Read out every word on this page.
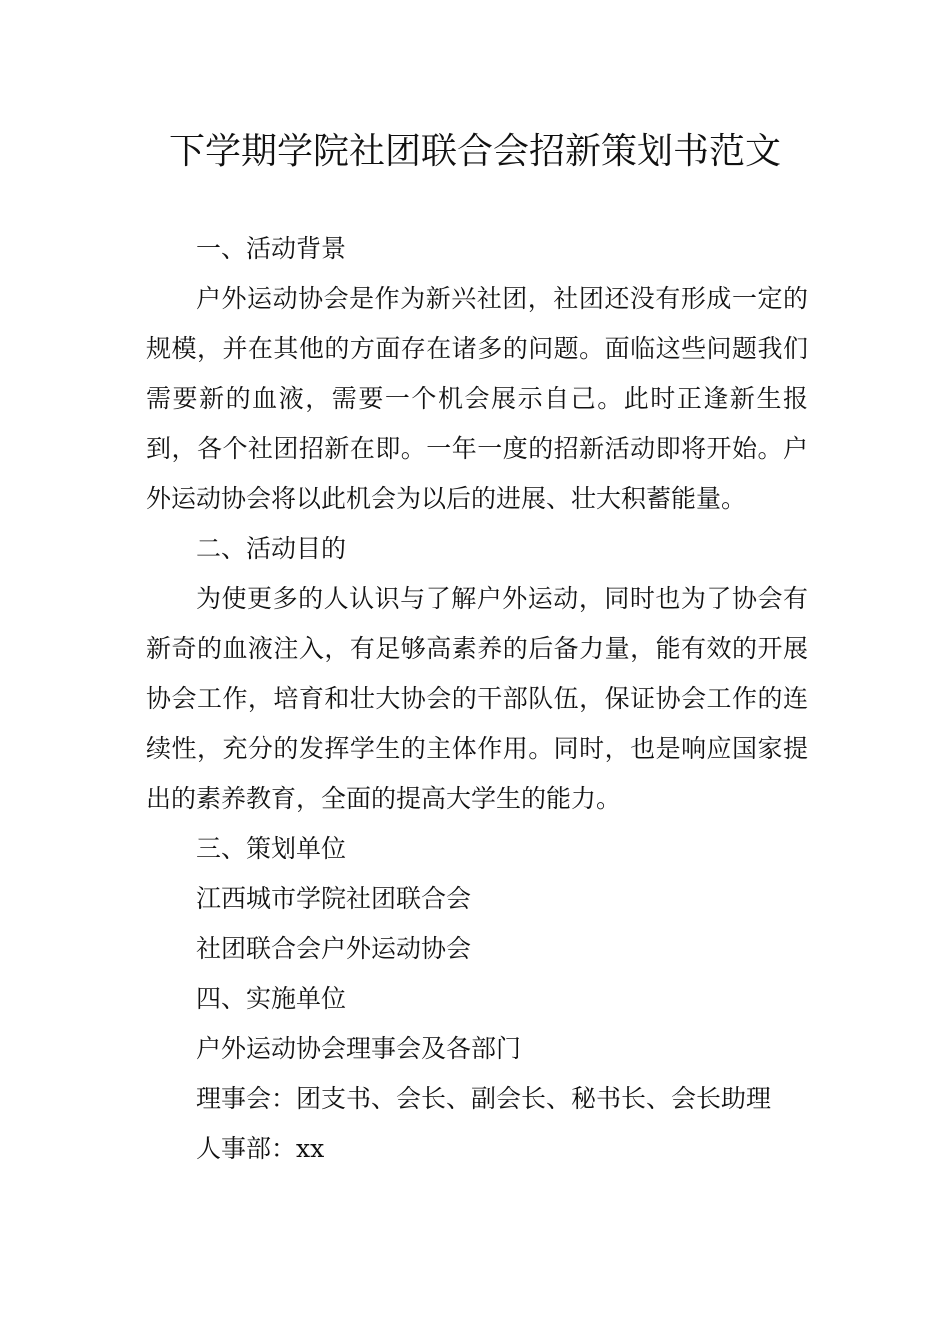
下学期学院社团联合会招新策划书范文

一、活动背景

户外运动协会是作为新兴社团，社团还没有形成一定的规模，并在其他的方面存在诸多的问题。面临这些问题我们需要新的血液，需要一个机会展示自己。此时正逢新生报到，各个社团招新在即。一年一度的招新活动即将开始。户外运动协会将以此机会为以后的进展、壮大积蓄能量。

二、活动目的

为使更多的人认识与了解户外运动，同时也为了协会有新奇的血液注入，有足够高素养的后备力量，能有效的开展协会工作，培育和壮大协会的干部队伍，保证协会工作的连续性，充分的发挥学生的主体作用。同时，也是响应国家提出的素养教育，全面的提高大学生的能力。

三、策划单位

江西城市学院社团联合会

社团联合会户外运动协会

四、实施单位

户外运动协会理事会及各部门

理事会：团支书、会长、副会长、秘书长、会长助理

人事部：xx
